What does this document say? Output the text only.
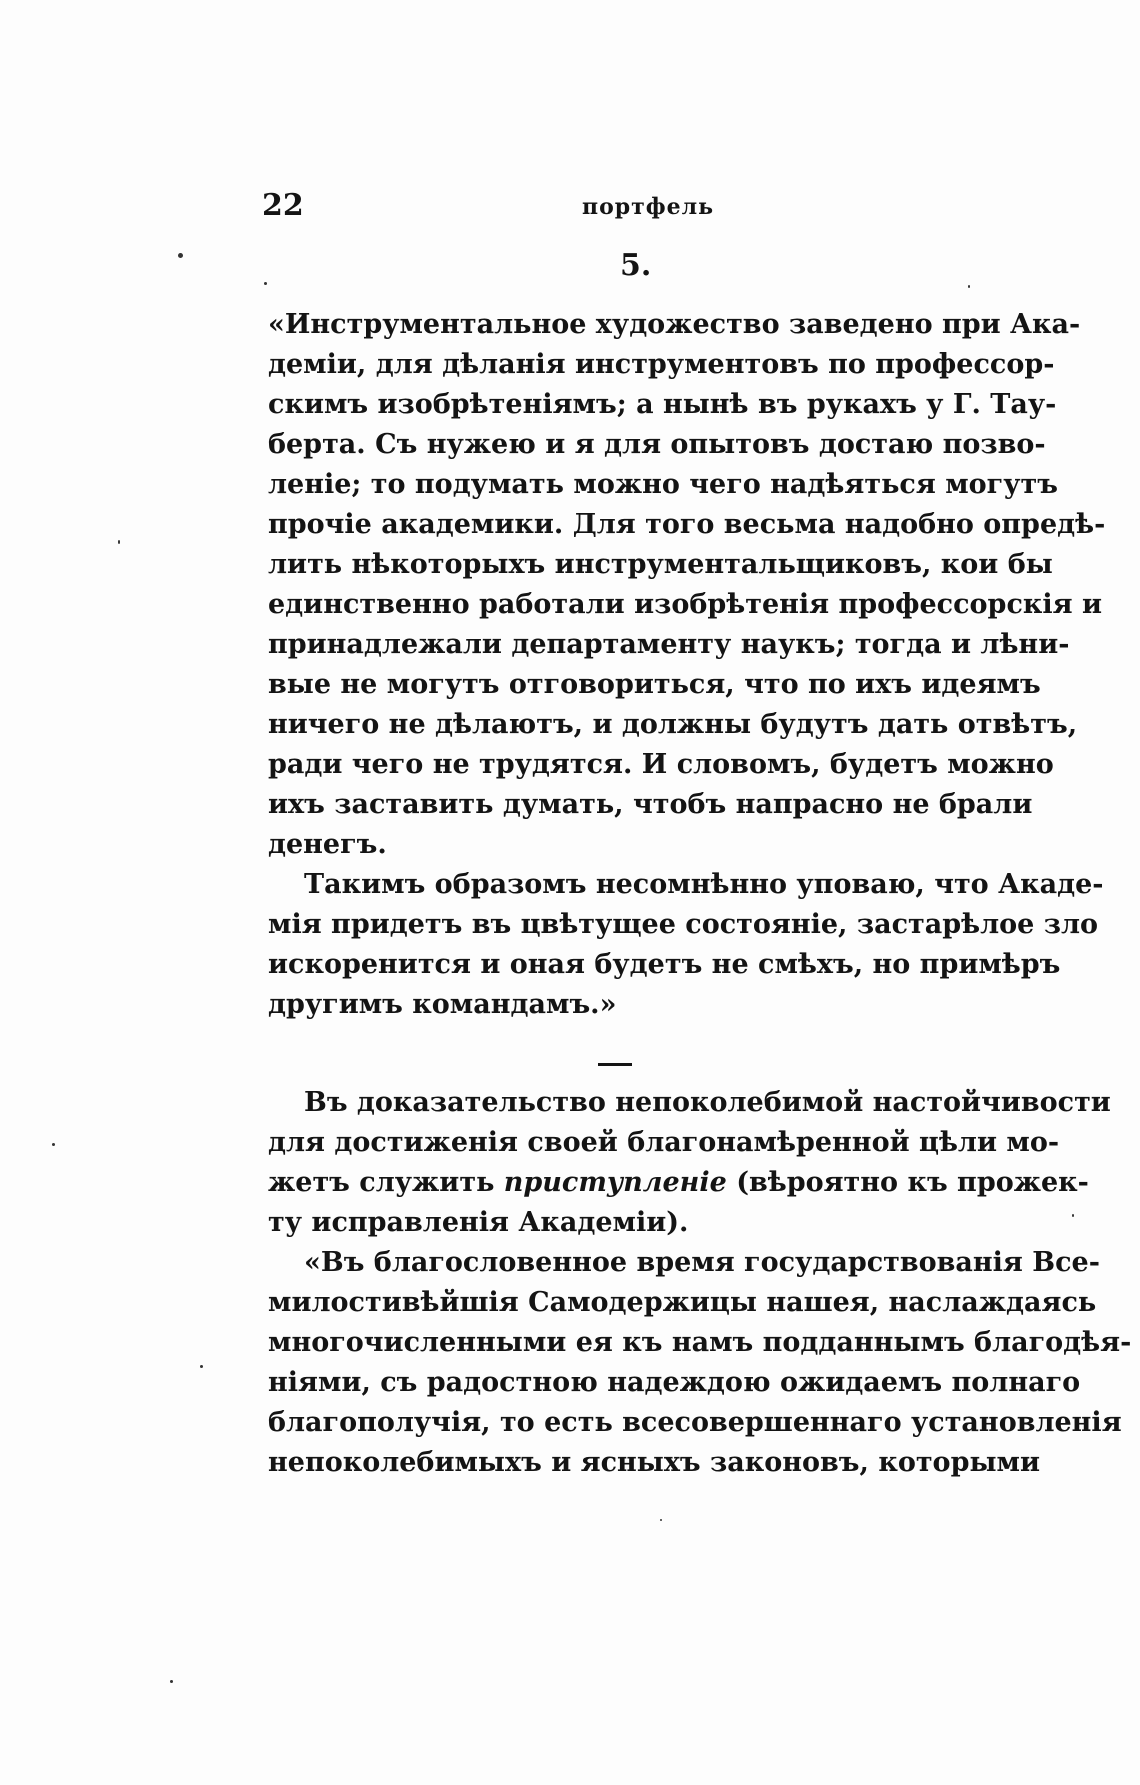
22	портфель
5.
«Инструментальное художество заведено при Ака-
деміи, для дѣланія инструментовъ по профессор-
скимъ изобрѣтеніямъ; а нынѣ въ рукахъ у Г. Тау-
берта. Съ нужею и я для опытовъ достаю позво-
леніе; то подумать можно чего надѣяться могутъ
прочіе академики. Для того весьма надобно опредѣ-
лить нѣкоторыхъ инструментальщиковъ, кои бы
единственно работали изобрѣтенія профессорскія и
принадлежали департаменту наукъ; тогда и лѣни-
вые не могутъ отговориться, что по ихъ идеямъ
ничего не дѣлаютъ, и должны будутъ дать отвѣтъ,
ради чего не трудятся. И словомъ, будетъ можно
ихъ заставить думать, чтобъ напрасно не брали
денегъ.
Такимъ образомъ несомнѣнно уповаю, что Акаде-
мія придетъ въ цвѣтущее состояніе, застарѣлое зло
искоренится и оная будетъ не смѣхъ, но примѣръ
другимъ командамъ.»
Въ доказательство непоколебимой настойчивости
для достиженія своей благонамѣренной цѣли мо-
жетъ служить приступленіе (вѣроятно къ прожек-
ту исправленія Академіи).
«Въ благословенное время государствованія Все-
милостивѣйшія Самодержицы нашея, наслаждаясь
многочисленными ея къ намъ подданнымъ благодѣя-
ніями, съ радостною надеждою ожидаемъ полнаго
благополучія, то есть всесовершеннаго установленія
непоколебимыхъ и ясныхъ законовъ, которыми
